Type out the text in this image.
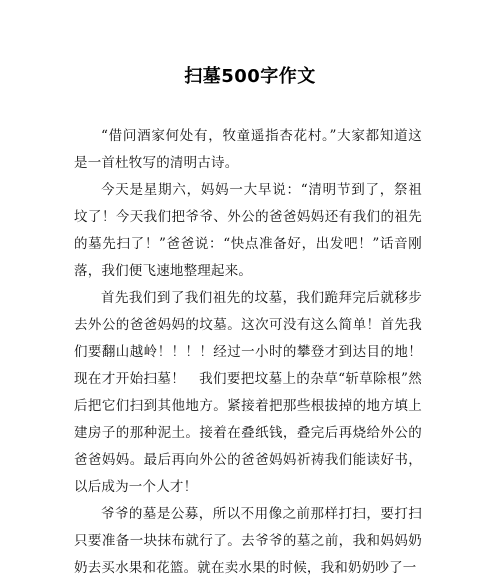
扫墓500字作文

“借问酒家何处有，牧童遥指杏花村。”大家都知道这是一首杜牧写的清明古诗。

今天是星期六，妈妈一大早说：“清明节到了，祭祖坟了！今天我们把爷爷、外公的爸爸妈妈还有我们的祖先的墓先扫了！”爸爸说：“快点准备好，出发吧！”话音刚落，我们便飞速地整理起来。

首先我们到了我们祖先的坟墓，我们跪拜完后就移步去外公的爸爸妈妈的坟墓。这次可没有这么简单！首先我们要翻山越岭！！！！经过一小时的攀登才到达目的地！现在才开始扫墓！　我们要把坟墓上的杂草“斩草除根”然后把它们扫到其他地方。紧接着把那些根拔掉的地方填上建房子的那种泥土。接着在叠纸钱，叠完后再烧给外公的爸爸妈妈。最后再向外公的爸爸妈妈祈祷我们能读好书，以后成为一个人才！

爷爷的墓是公募，所以不用像之前那样打扫，要打扫只要准备一块抹布就行了。去爷爷的墓之前，我和妈妈奶奶去买水果和花篮。就在卖水果的时候，我和奶奶吵了一
